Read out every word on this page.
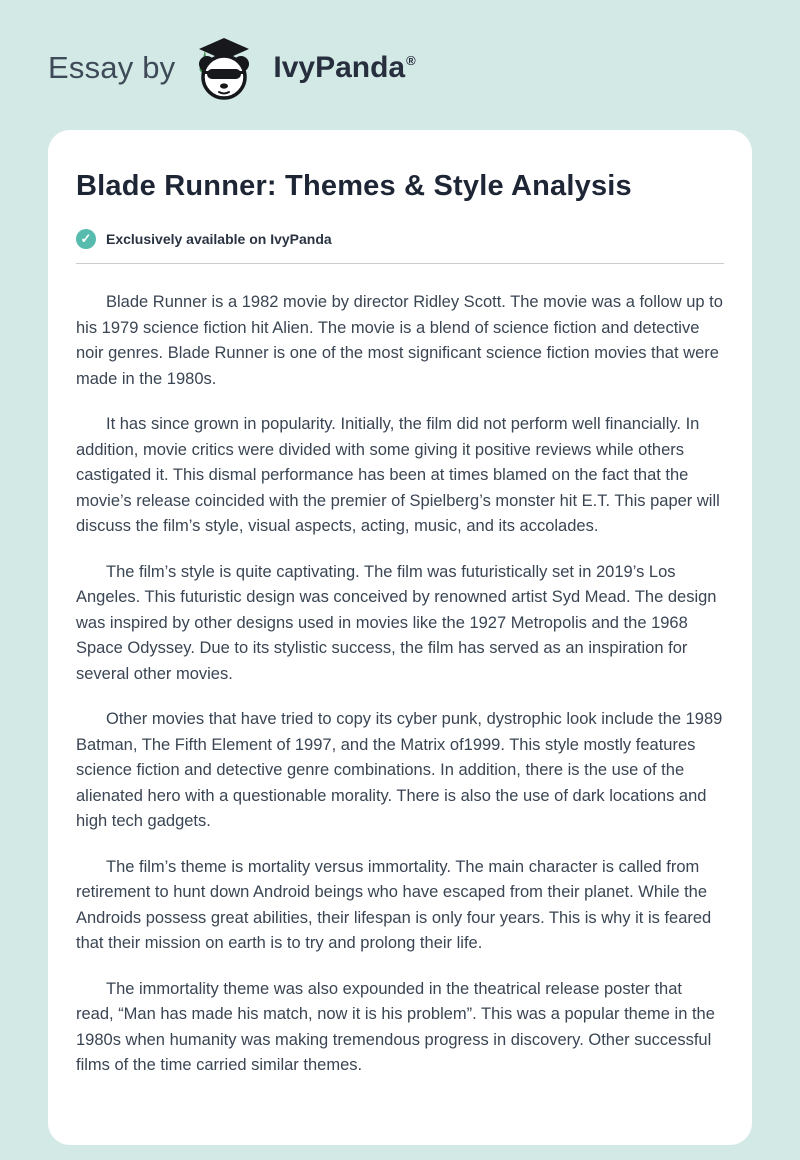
Essay by	IvyPanda®
Blade Runner: Themes & Style Analysis
✓	Exclusively available on IvyPanda

Blade Runner is a 1982 movie by director Ridley Scott. The movie was a follow up to his 1979 science fiction hit Alien. The movie is a blend of science fiction and detective noir genres. Blade Runner is one of the most significant science fiction movies that were made in the 1980s.

It has since grown in popularity. Initially, the film did not perform well financially. In addition, movie critics were divided with some giving it positive reviews while others castigated it. This dismal performance has been at times blamed on the fact that the movie’s release coincided with the premier of Spielberg’s monster hit E.T. This paper will discuss the film’s style, visual aspects, acting, music, and its accolades.

The film’s style is quite captivating. The film was futuristically set in 2019’s Los Angeles. This futuristic design was conceived by renowned artist Syd Mead. The design was inspired by other designs used in movies like the 1927 Metropolis and the 1968 Space Odyssey. Due to its stylistic success, the film has served as an inspiration for several other movies.

Other movies that have tried to copy its cyber punk, dystrophic look include the 1989 Batman, The Fifth Element of 1997, and the Matrix of1999. This style mostly features science fiction and detective genre combinations. In addition, there is the use of the alienated hero with a questionable morality. There is also the use of dark locations and high tech gadgets.

The film’s theme is mortality versus immortality. The main character is called from retirement to hunt down Android beings who have escaped from their planet. While the Androids possess great abilities, their lifespan is only four years. This is why it is feared that their mission on earth is to try and prolong their life.

The immortality theme was also expounded in the theatrical release poster that read, “Man has made his match, now it is his problem”. This was a popular theme in the 1980s when humanity was making tremendous progress in discovery. Other successful films of the time carried similar themes.
